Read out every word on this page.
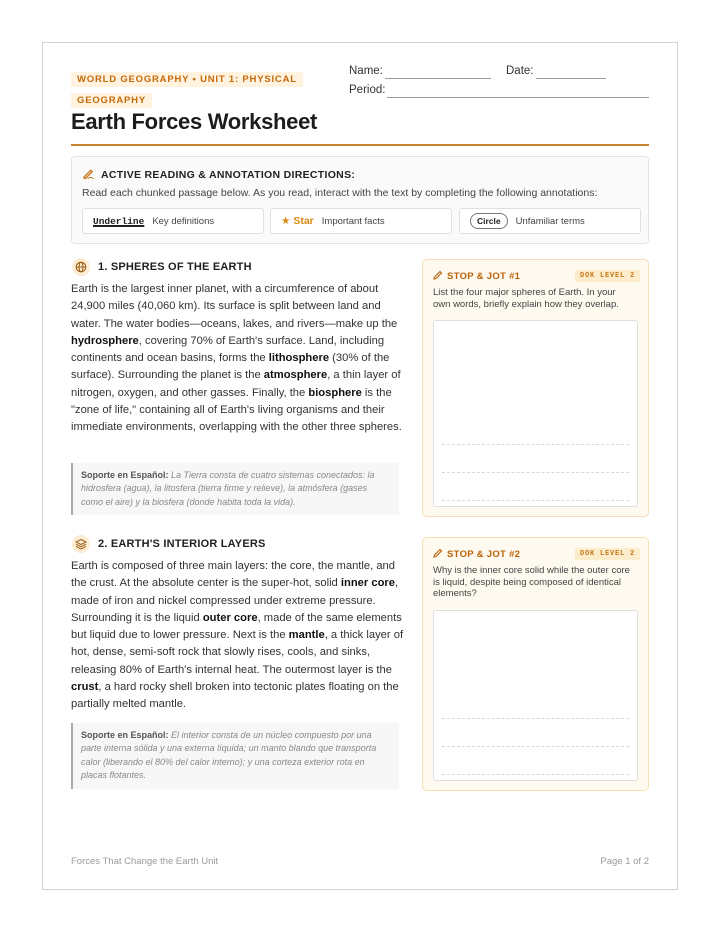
WORLD GEOGRAPHY • UNIT 1: PHYSICAL GEOGRAPHY
Earth Forces Worksheet
Name:	Date:
Period:
ACTIVE READING & ANNOTATION DIRECTIONS:
Read each chunked passage below. As you read, interact with the text by completing the following annotations:
Underline Key definitions	★ Star Important facts	Circle	Unfamiliar terms
1. SPHERES OF THE EARTH
Earth is the largest inner planet, with a circumference of about 24,900 miles (40,060 km). Its surface is split between land and water. The water bodies—oceans, lakes, and rivers—make up the hydrosphere, covering 70% of Earth's surface. Land, including continents and ocean basins, forms the lithosphere (30% of the surface). Surrounding the planet is the atmosphere, a thin layer of nitrogen, oxygen, and other gasses. Finally, the biosphere is the "zone of life," containing all of Earth's living organisms and their immediate environments, overlapping with the other three spheres.
Soporte en Español: La Tierra consta de cuatro sistemas conectados: la hidrosfera (agua), la litosfera (tierra firme y relieve), la atmósfera (gases como el aire) y la biosfera (donde habita toda la vida).
STOP & JOT #1	DOK LEVEL 2
List the four major spheres of Earth. In your own words, briefly explain how they overlap.
2. EARTH'S INTERIOR LAYERS
Earth is composed of three main layers: the core, the mantle, and the crust. At the absolute center is the super-hot, solid inner core, made of iron and nickel compressed under extreme pressure. Surrounding it is the liquid outer core, made of the same elements but liquid due to lower pressure. Next is the mantle, a thick layer of hot, dense, semi-soft rock that slowly rises, cools, and sinks, releasing 80% of Earth's internal heat. The outermost layer is the crust, a hard rocky shell broken into tectonic plates floating on the partially melted mantle.
Soporte en Español: El interior consta de un núcleo compuesto por una parte interna sólida y una externa líquida; un manto blando que transporta calor (liberando el 80% del calor interno); y una corteza exterior rota en placas flotantes.
STOP & JOT #2	DOK LEVEL 2
Why is the inner core solid while the outer core is liquid, despite being composed of identical elements?
Forces That Change the Earth Unit	Page 1 of 2
